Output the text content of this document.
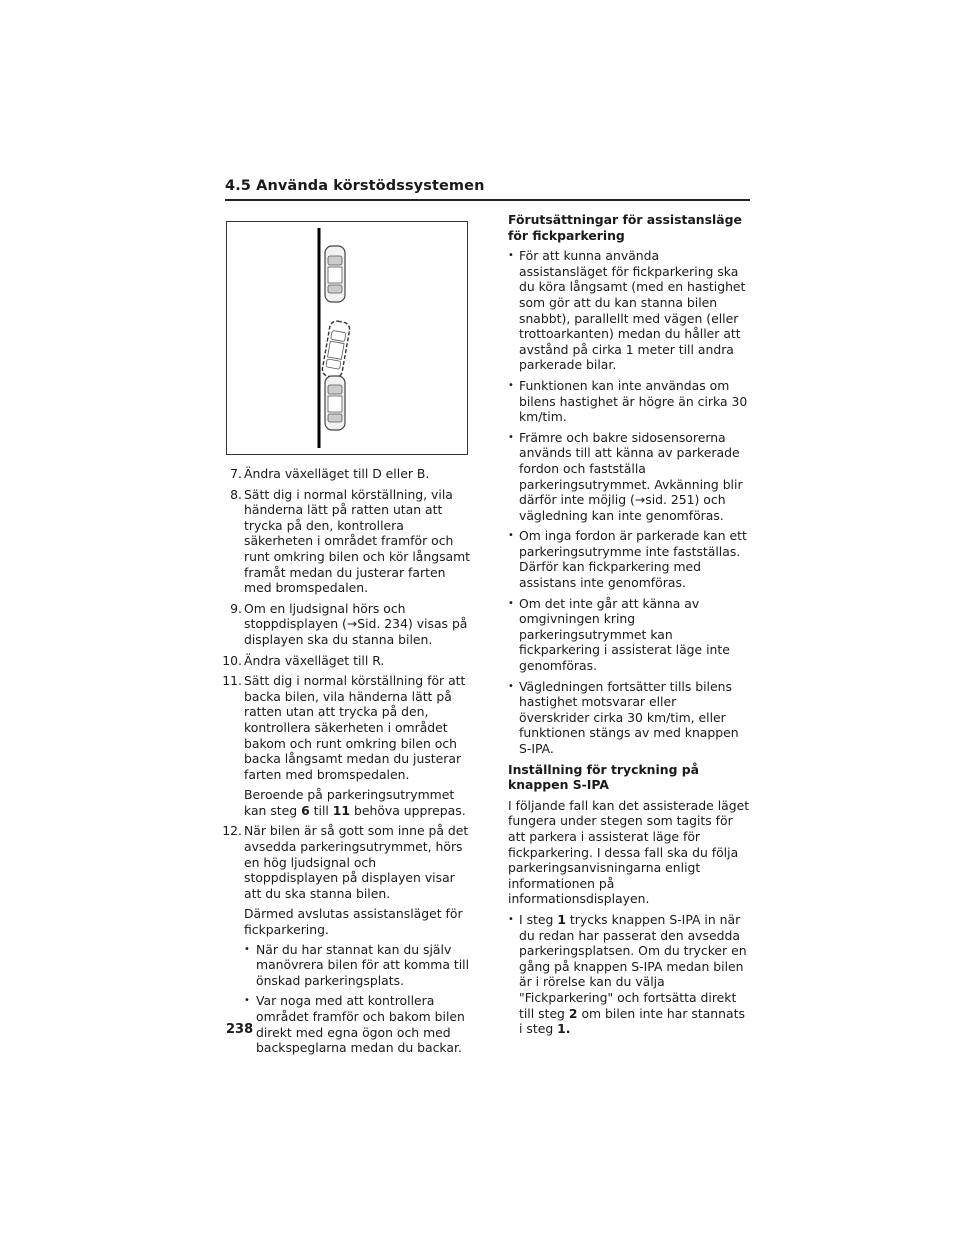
4.5 Använda körstödssystemen
7. Ändra växelläget till D eller B.

8. Sätt dig i normal körställning, vila händerna lätt på ratten utan att trycka på den, kontrollera säkerheten i området framför och runt omkring bilen och kör långsamt framåt medan du justerar farten med bromspedalen.

9. Om en ljudsignal hörs och stoppdisplayen (→Sid. 234) visas på displayen ska du stanna bilen.

10. Ändra växelläget till R.

11. Sätt dig i normal körställning för att backa bilen, vila händerna lätt på ratten utan att trycka på den, kontrollera säkerheten i området bakom och runt omkring bilen och backa långsamt medan du justerar farten med bromspedalen.

Beroende på parkeringsutrymmet kan steg 6 till 11 behöva upprepas.

12. När bilen är så gott som inne på det avsedda parkeringsutrymmet, hörs en hög ljudsignal och stoppdisplayen på displayen visar att du ska stanna bilen.

Därmed avslutas assistansläget för fickparkering.

• När du har stannat kan du själv manövrera bilen för att komma till önskad parkeringsplats.
• Var noga med att kontrollera området framför och bakom bilen direkt med egna ögon och med backspeglarna medan du backar.
Förutsättningar för assistansläge för fickparkering
• För att kunna använda assistansläget för fickparkering ska du köra långsamt (med en hastighet som gör att du kan stanna bilen snabbt), parallellt med vägen (eller trottoarkanten) medan du håller att avstånd på cirka 1 meter till andra parkerade bilar.
• Funktionen kan inte användas om bilens hastighet är högre än cirka 30 km/tim.
• Främre och bakre sidosensorerna används till att känna av parkerade fordon och fastställa parkeringsutrymmet. Avkänning blir därför inte möjlig (→sid. 251) och vägledning kan inte genomföras.
• Om inga fordon är parkerade kan ett parkeringsutrymme inte fastställas. Därför kan fickparkering med assistans inte genomföras.
• Om det inte går att känna av omgivningen kring parkeringsutrymmet kan fickparkering i assisterat läge inte genomföras.
• Vägledningen fortsätter tills bilens hastighet motsvarar eller överskrider cirka 30 km/tim, eller funktionen stängs av med knappen S-IPA.
Inställning för tryckning på knappen S-IPA

I följande fall kan det assisterade läget fungera under stegen som tagits för att parkera i assisterat läge för fickparkering. I dessa fall ska du följa parkeringsanvisningarna enligt informationen på informationsdisplayen.

• I steg 1 trycks knappen S-IPA in när du redan har passerat den avsedda parkeringsplatsen. Om du trycker en gång på knappen S-IPA medan bilen är i rörelse kan du välja "Fickparkering" och fortsätta direkt till steg 2 om bilen inte har stannats i steg 1.
238
